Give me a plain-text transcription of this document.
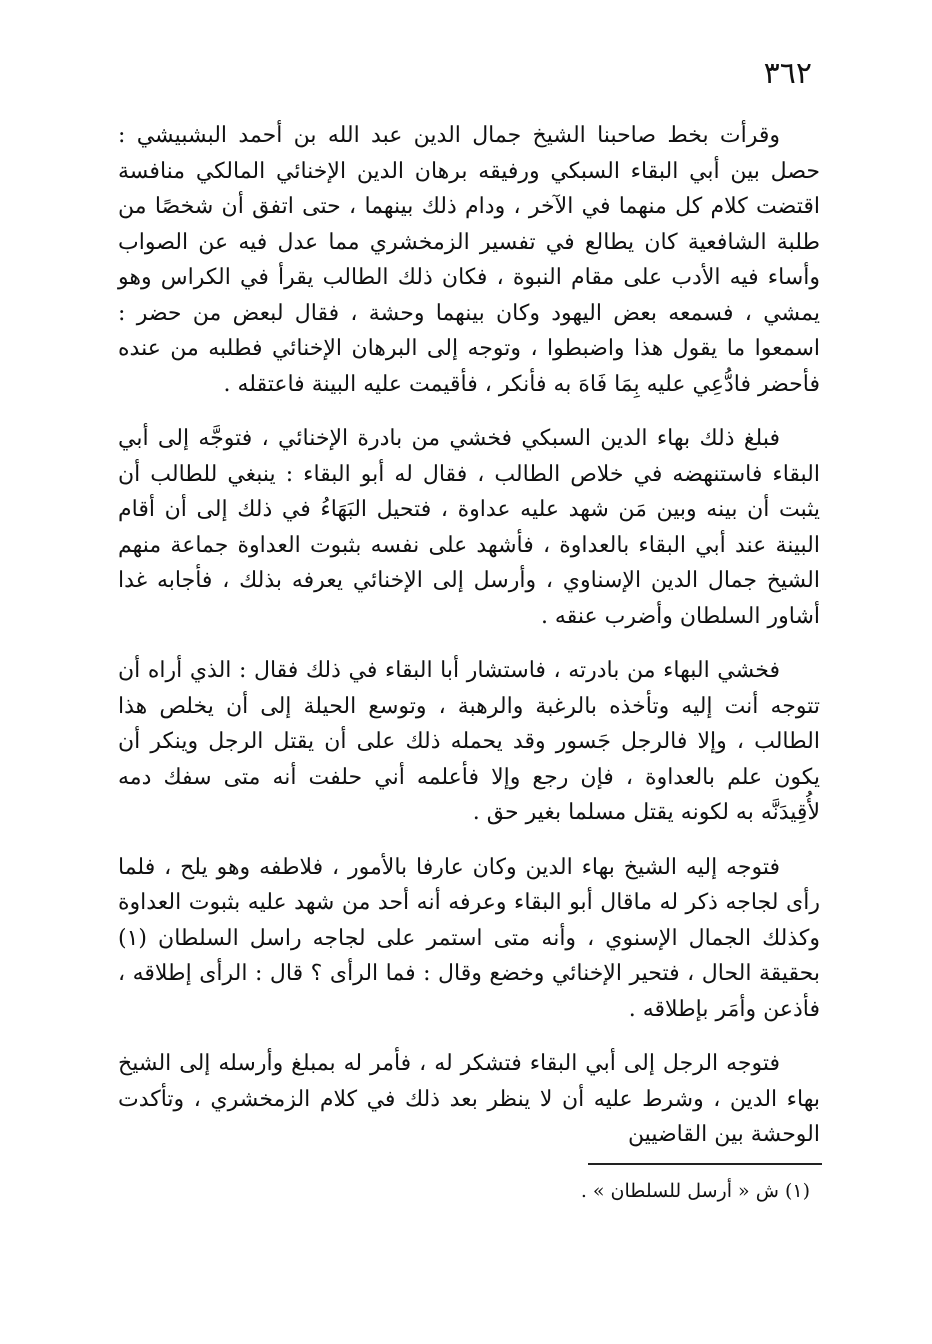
٣٦٢

وقرأت بخط صاحبنا الشيخ جمال الدين عبد الله بن أحمد البشبيشي : حصل بين أبي البقاء السبكي ورفيقه برهان الدين الإخنائي المالكي منافسة اقتضت كلام كل منهما في الآخر ، ودام ذلك بينهما ، حتى اتفق أن شخصًا من طلبة الشافعية كان يطالع في تفسير الزمخشري مما عدل فيه عن الصواب وأساء فيه الأدب على مقام النبوة ، فكان ذلك الطالب يقرأ في الكراس وهو يمشي ، فسمعه بعض اليهود وكان بينهما وحشة ، فقال لبعض من حضر : اسمعوا ما يقول هذا واضبطوا ، وتوجه إلى البرهان الإخنائي فطلبه من عنده فأحضر فادُّعِي عليه بِمَا فَاهَ به فأنكر ، فأقيمت عليه البينة فاعتقله .

فبلغ ذلك بهاء الدين السبكي فخشي من بادرة الإخنائي ، فتوجَّه إلى أبي البقاء فاستنهضه في خلاص الطالب ، فقال له أبو البقاء : ينبغي للطالب أن يثبت أن بينه وبين مَن شهد عليه عداوة ، فتحيل البَهَاءُ في ذلك إلى أن أقام البينة عند أبي البقاء بالعداوة ، فأشهد على نفسه بثبوت العداوة جماعة منهم الشيخ جمال الدين الإسناوي ، وأرسل إلى الإخنائي يعرفه بذلك ، فأجابه غدا أشاور السلطان وأضرب عنقه .

فخشي البهاء من بادرته ، فاستشار أبا البقاء في ذلك فقال : الذي أراه أن تتوجه أنت إليه وتأخذه بالرغبة والرهبة ، وتوسع الحيلة إلى أن يخلص هذا الطالب ، وإلا فالرجل جَسور وقد يحمله ذلك على أن يقتل الرجل وينكر أن يكون علم بالعداوة ، فإن رجع وإلا فأعلمه أني حلفت أنه متى سفك دمه لأُقِيدَنَّه به لكونه يقتل مسلما بغير حق .

فتوجه إليه الشيخ بهاء الدين وكان عارفا بالأمور ، فلاطفه وهو يلح ، فلما رأى لجاجه ذكر له ماقال أبو البقاء وعرفه أنه أحد من شهد عليه بثبوت العداوة وكذلك الجمال الإسنوي ، وأنه متى استمر على لجاجه راسل السلطان (١) بحقيقة الحال ، فتحير الإخنائي وخضع وقال : فما الرأى ؟ قال : الرأى إطلاقه ، فأذعن وأمَر بإطلاقه .

فتوجه الرجل إلى أبي البقاء فتشكر له ، فأمر له بمبلغ وأرسله إلى الشيخ بهاء الدين ، وشرط عليه أن لا ينظر بعد ذلك في كلام الزمخشري ، وتأكدت الوحشة بين القاضيين

(١) ش « أرسل للسلطان » .
